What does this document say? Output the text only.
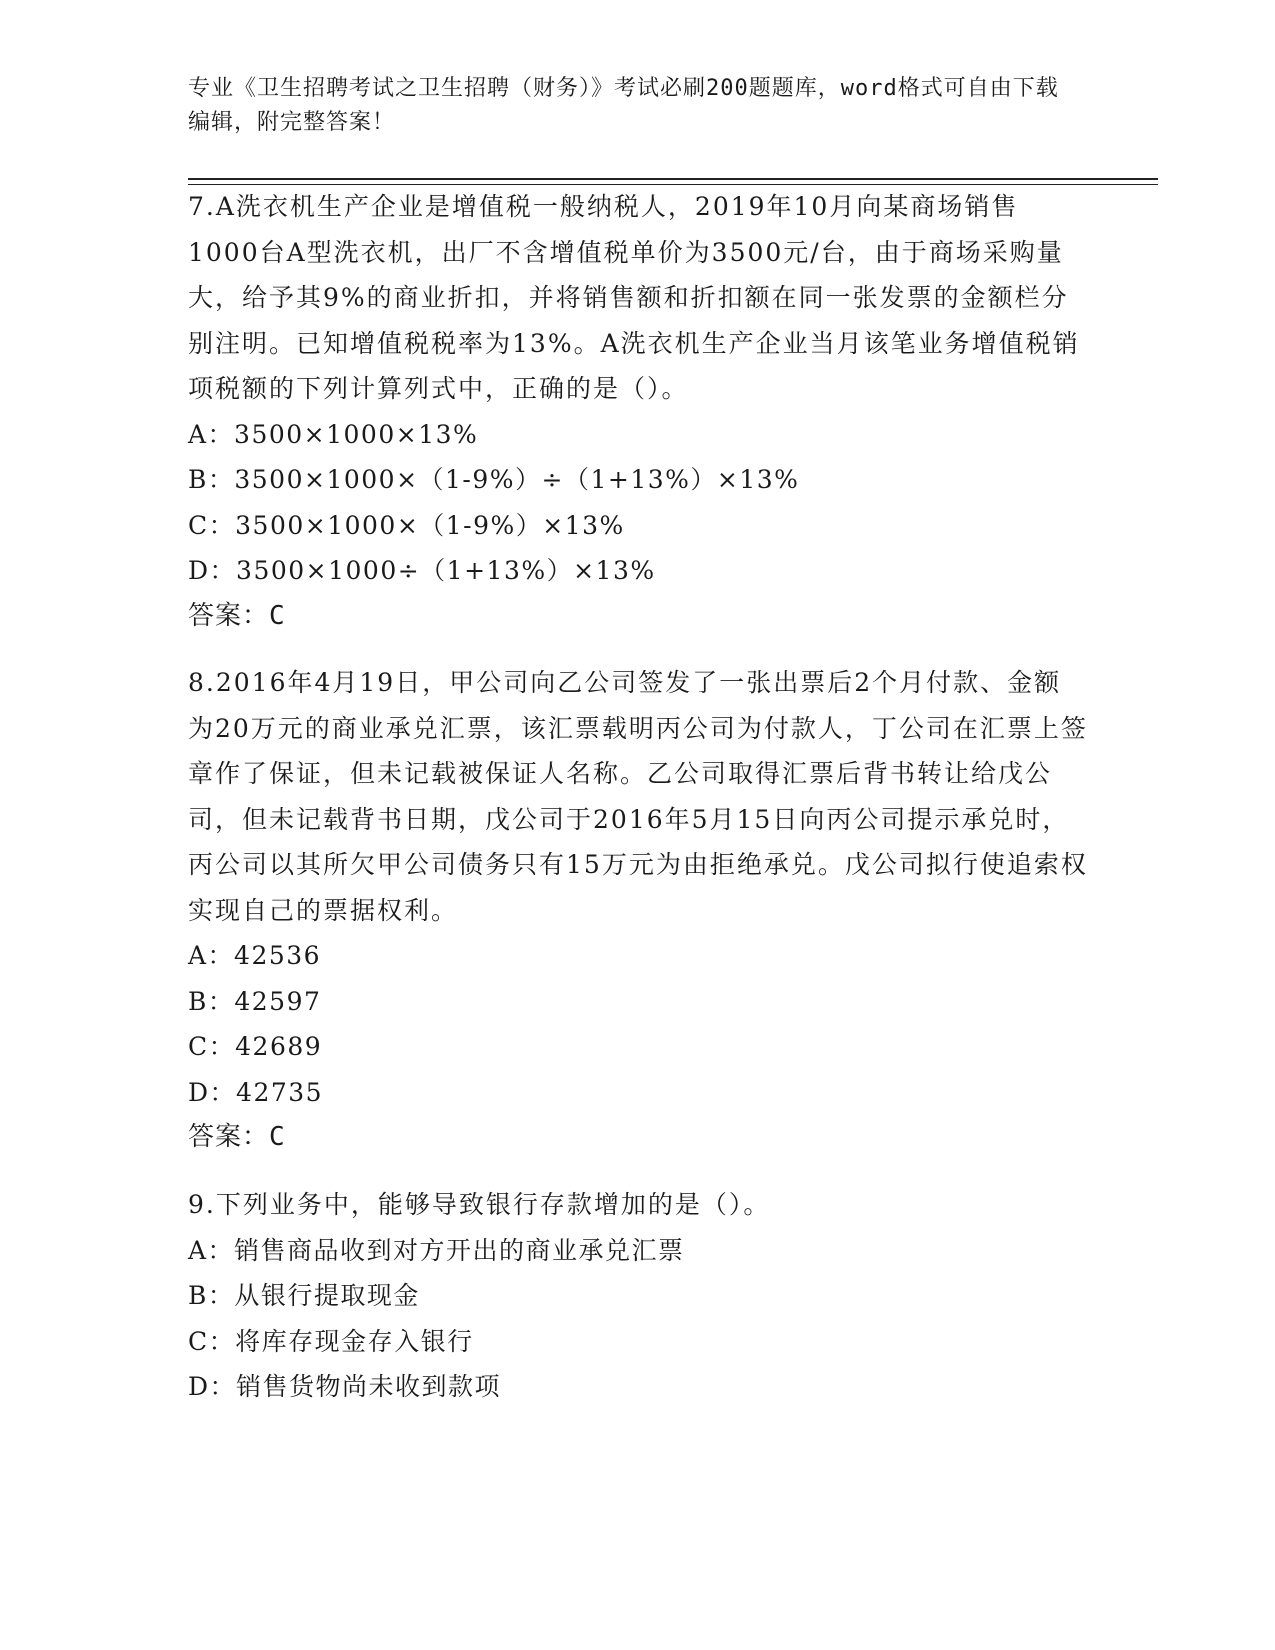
专业《卫生招聘考试之卫生招聘（财务）》考试必刷200题题库，word格式可自由下载编辑，附完整答案！

7.A洗衣机生产企业是增值税一般纳税人，2019年10月向某商场销售1000台A型洗衣机，出厂不含增值税单价为3500元/台，由于商场采购量大，给予其9%的商业折扣，并将销售额和折扣额在同一张发票的金额栏分别注明。已知增值税税率为13%。A洗衣机生产企业当月该笔业务增值税销项税额的下列计算列式中，正确的是（）。

A：3500×1000×13%

B：3500×1000×（1-9%）÷（1+13%）×13%

C：3500×1000×（1-9%）×13%

D：3500×1000÷（1+13%）×13%

答案：C

8.2016年4月19日，甲公司向乙公司签发了一张出票后2个月付款、金额为20万元的商业承兑汇票，该汇票载明丙公司为付款人，丁公司在汇票上签章作了保证，但未记载被保证人名称。乙公司取得汇票后背书转让给戊公司，但未记载背书日期，戊公司于2016年5月15日向丙公司提示承兑时，丙公司以其所欠甲公司债务只有15万元为由拒绝承兑。戊公司拟行使追索权实现自己的票据权利。

A：42536

B：42597

C：42689

D：42735

答案：C

9.下列业务中，能够导致银行存款增加的是（）。

A：销售商品收到对方开出的商业承兑汇票

B：从银行提取现金

C：将库存现金存入银行

D：销售货物尚未收到款项
